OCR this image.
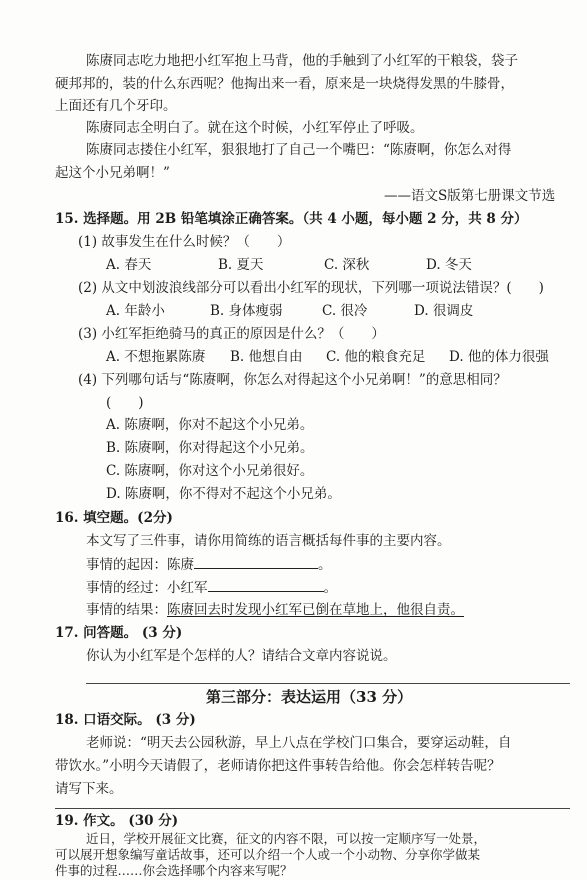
陈赓同志吃力地把小红军抱上马背，他的手触到了小红军的干粮袋，袋子
硬邦邦的，装的什么东西呢？他掏出来一看，原来是一块烧得发黑的牛膝骨，
上面还有几个牙印。
陈赓同志全明白了。就在这个时候，小红军停止了呼吸。
陈赓同志搂住小红军，狠狠地打了自己一个嘴巴：“陈赓啊，你怎么对得
起这个小兄弟啊！”
——语文S版第七册课文节选
15. 选择题。用 2B 铅笔填涂正确答案。（共 4 小题，每小题 2 分，共 8 分）
(1) 故事发生在什么时候？（　　）
A. 春天	B. 夏天	C. 深秋	D. 冬天
(2) 从文中划波浪线部分可以看出小红军的现状，下列哪一项说法错误？(　　)
A. 年龄小	B. 身体瘦弱	C. 很冷	D. 很调皮
(3) 小红军拒绝骑马的真正的原因是什么？（　　）
A. 不想拖累陈赓 B. 他想自由 C. 他的粮食充足 D. 他的体力很强
(4) 下列哪句话与“陈赓啊，你怎么对得起这个小兄弟啊！”的意思相同？
(　　)
A. 陈赓啊，你对不起这个小兄弟。
B. 陈赓啊，你对得起这个小兄弟。
C. 陈赓啊，你对这个小兄弟很好。
D. 陈赓啊，你不得对不起这个小兄弟。
16. 填空题。(2分)
本文写了三件事，请你用简练的语言概括每件事的主要内容。
事情的起因：陈赓	。
事情的经过：小红军	。
事情的结果：陈赓回去时发现小红军已倒在草地上，他很自责。
17. 问答题。 (3 分)
你认为小红军是个怎样的人？请结合文章内容说说。
第三部分：表达运用（33 分）
18. 口语交际。 (3 分)
老师说：“明天去公园秋游，早上八点在学校门口集合，要穿运动鞋，自
带饮水。”小明今天请假了，老师请你把这件事转告给他。你会怎样转告呢？
请写下来。
19. 作文。 (30 分)
近日，学校开展征文比赛，征文的内容不限，可以按一定顺序写一处景，
可以展开想象编写童话故事，还可以介绍一个人或一个小动物、分享你学做某
件事的过程……你会选择哪个内容来写呢？
